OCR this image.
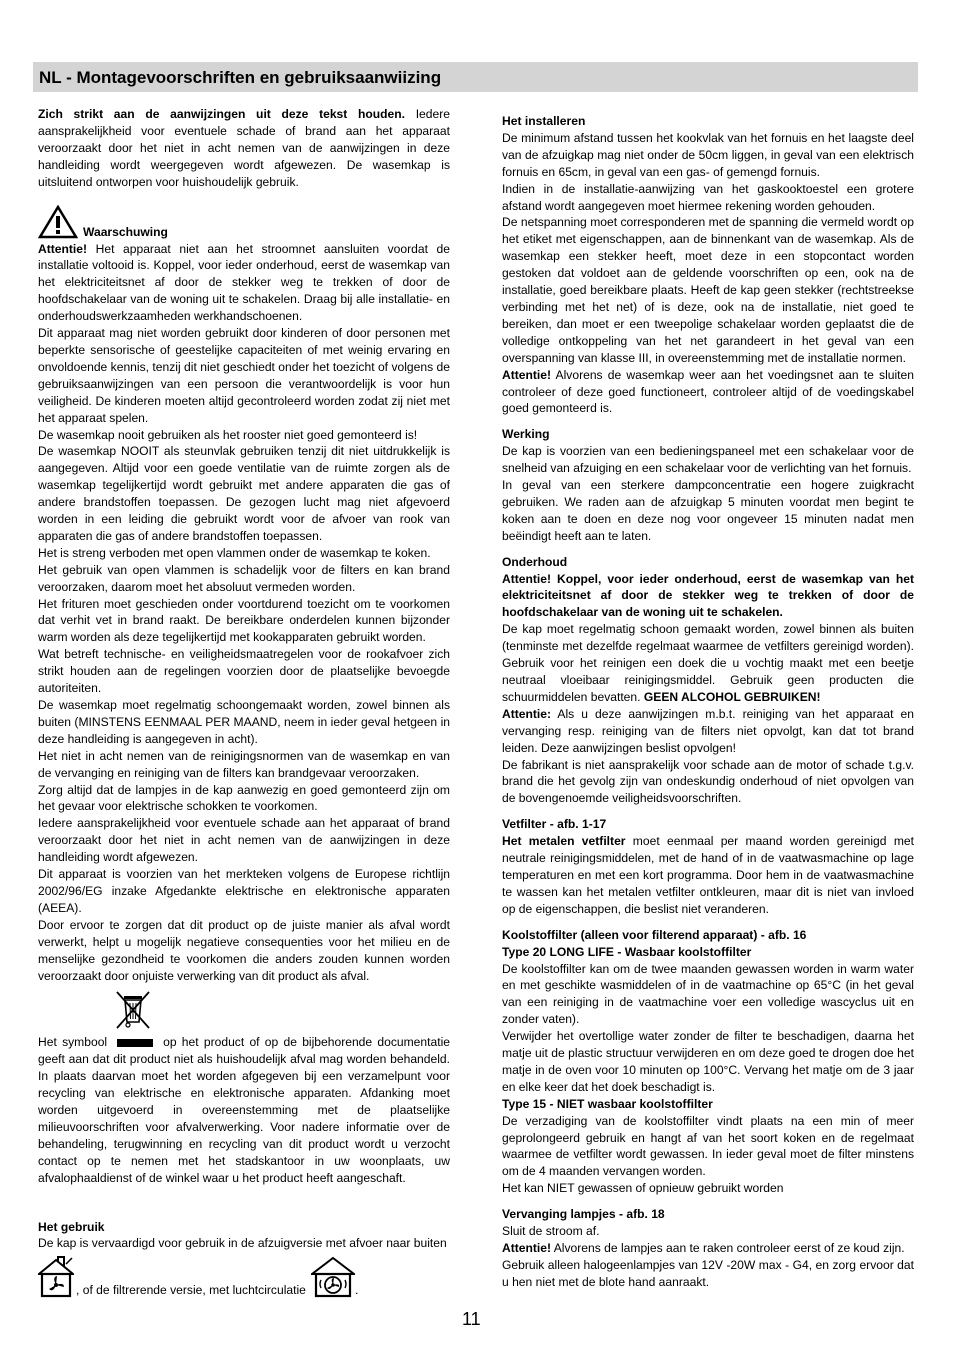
NL - Montagevoorschriften en gebruiksaanwiizing

Zich strikt aan de aanwijzingen uit deze tekst houden. Iedere aansprakelijkheid voor eventuele schade of brand aan het apparaat veroorzaakt door het niet in acht nemen van de aanwijzingen in deze handleiding wordt weergegeven wordt afgewezen. De wasemkap is uitsluitend ontworpen voor huishoudelijk gebruik.

Waarschuwing

Attentie! Het apparaat niet aan het stroomnet aansluiten voordat de installatie voltooid is. Koppel, voor ieder onderhoud, eerst de wasemkap van het elektriciteitsnet af door de stekker weg te trekken of door de hoofdschakelaar van de woning uit te schakelen. Draag bij alle installatie- en onderhoudswerkzaamheden werkhandschoenen.

Dit apparaat mag niet worden gebruikt door kinderen of door personen met beperkte sensorische of geestelijke capaciteiten of met weinig ervaring en onvoldoende kennis, tenzij dit niet geschiedt onder het toezicht of volgens de gebruiksaanwijzingen van een persoon die verantwoordelijk is voor hun veiligheid. De kinderen moeten altijd gecontroleerd worden zodat zij niet met het apparaat spelen.

De wasemkap nooit gebruiken als het rooster niet goed gemonteerd is!

De wasemkap NOOIT als steunvlak gebruiken tenzij dit niet uitdrukkelijk is aangegeven. Altijd voor een goede ventilatie van de ruimte zorgen als de wasemkap tegelijkertijd wordt gebruikt met andere apparaten die gas of andere brandstoffen toepassen. De gezogen lucht mag niet afgevoerd worden in een leiding die gebruikt wordt voor de afvoer van rook van apparaten die gas of andere brandstoffen toepassen.

Het is streng verboden met open vlammen onder de wasemkap te koken.

Het gebruik van open vlammen is schadelijk voor de filters en kan brand veroorzaken, daarom moet het absoluut vermeden worden.

Het frituren moet geschieden onder voortdurend toezicht om te voorkomen dat verhit vet in brand raakt. De bereikbare onderdelen kunnen bijzonder warm worden als deze tegelijkertijd met kookapparaten gebruikt worden.

Wat betreft technische- en veiligheidsmaatregelen voor de rookafvoer zich strikt houden aan de regelingen voorzien door de plaatselijke bevoegde autoriteiten.

De wasemkap moet regelmatig schoongemaakt worden, zowel binnen als buiten (MINSTENS EENMAAL PER MAAND, neem in ieder geval hetgeen in deze handleiding is aangegeven in acht).

Het niet in acht nemen van de reinigingsnormen van de wasemkap en van de vervanging en reiniging van de filters kan brandgevaar veroorzaken.

Zorg altijd dat de lampjes in de kap aanwezig en goed gemonteerd zijn om het gevaar voor elektrische schokken te voorkomen.

Iedere aansprakelijkheid voor eventuele schade aan het apparaat of brand veroorzaakt door het niet in acht nemen van de aanwijzingen in deze handleiding wordt afgewezen.

Dit apparaat is voorzien van het merkteken volgens de Europese richtlijn 2002/96/EG inzake Afgedankte elektrische en elektronische apparaten (AEEA).

Door ervoor te zorgen dat dit product op de juiste manier als afval wordt verwerkt, helpt u mogelijk negatieve consequenties voor het milieu en de menselijke gezondheid te voorkomen die anders zouden kunnen worden veroorzaakt door onjuiste verwerking van dit product als afval.

Het symbool	op het product of op de bijbehorende documentatie geeft aan dat dit product niet als huishoudelijk afval mag worden behandeld. In plaats daarvan moet het worden afgegeven bij een verzamelpunt voor recycling van elektrische en elektronische apparaten. Afdanking moet worden uitgevoerd in overeenstemming met de plaatselijke milieuvoorschriften voor afvalverwerking. Voor nadere informatie over de behandeling, terugwinning en recycling van dit product wordt u verzocht contact op te nemen met het stadskantoor in uw woonplaats, uw afvalophaaldienst of de winkel waar u het product heeft aangeschaft.

Het gebruik

De kap is vervaardigd voor gebruik in de afzuigversie met afvoer naar buiten

, of de filtrerende versie, met luchtcirculatie	.

Het installeren

De minimum afstand tussen het kookvlak van het fornuis en het laagste deel van de afzuigkap mag niet onder de 50cm liggen, in geval van een elektrisch fornuis en 65cm, in geval van een gas- of gemengd fornuis.

Indien in de installatie-aanwijzing van het gaskooktoestel een grotere afstand wordt aangegeven moet hiermee rekening worden gehouden.

De netspanning moet corresponderen met de spanning die vermeld wordt op het etiket met eigenschappen, aan de binnenkant van de wasemkap. Als de wasemkap een stekker heeft, moet deze in een stopcontact worden gestoken dat voldoet aan de geldende voorschriften op een, ook na de installatie, goed bereikbare plaats. Heeft de kap geen stekker (rechtstreekse verbinding met het net) of is deze, ook na de installatie, niet goed te bereiken, dan moet er een tweepolige schakelaar worden geplaatst die de volledige ontkoppeling van het net garandeert in het geval van een overspanning van klasse III, in overeenstemming met de installatie normen.

Attentie! Alvorens de wasemkap weer aan het voedingsnet aan te sluiten controleer of deze goed functioneert, controleer altijd of de voedingskabel goed gemonteerd is.

Werking

De kap is voorzien van een bedieningspaneel met een schakelaar voor de snelheid van afzuiging en een schakelaar voor de verlichting van het fornuis.

In geval van een sterkere dampconcentratie een hogere zuigkracht gebruiken. We raden aan de afzuigkap 5 minuten voordat men begint te koken aan te doen en deze nog voor ongeveer 15 minuten nadat men beëindigt heeft aan te laten.

Onderhoud

Attentie! Koppel, voor ieder onderhoud, eerst de wasemkap van het elektriciteitsnet af door de stekker weg te trekken of door de hoofdschakelaar van de woning uit te schakelen.

De kap moet regelmatig schoon gemaakt worden, zowel binnen als buiten (tenminste met dezelfde regelmaat waarmee de vetfilters gereinigd worden). Gebruik voor het reinigen een doek die u vochtig maakt met een beetje neutraal vloeibaar reinigingsmiddel. Gebruik geen producten die schuurmiddelen bevatten. GEEN ALCOHOL GEBRUIKEN!

Attentie: Als u deze aanwijzingen m.b.t. reiniging van het apparaat en vervanging resp. reiniging van de filters niet opvolgt, kan dat tot brand leiden. Deze aanwijzingen beslist opvolgen!

De fabrikant is niet aansprakelijk voor schade aan de motor of schade t.g.v. brand die het gevolg zijn van ondeskundig onderhoud of niet opvolgen van de bovengenoemde veiligheidsvoorschriften.

Vetfilter - afb. 1-17

Het metalen vetfilter moet eenmaal per maand worden gereinigd met neutrale reinigingsmiddelen, met de hand of in de vaatwasmachine op lage temperaturen en met een kort programma. Door hem in de vaatwasmachine te wassen kan het metalen vetfilter ontkleuren, maar dit is niet van invloed op de eigenschappen, die beslist niet veranderen.

Koolstoffilter (alleen voor filterend apparaat) - afb. 16

Type 20 LONG LIFE - Wasbaar koolstoffilter

De koolstoffilter kan om de twee maanden gewassen worden in warm water en met geschikte wasmiddelen of in de vaatmachine op 65°C (in het geval van een reiniging in de vaatmachine voer een volledige wascyclus uit en zonder vaten).

Verwijder het overtollige water zonder de filter te beschadigen, daarna het matje uit de plastic structuur verwijderen en om deze goed te drogen doe het matje in de oven voor 10 minuten op 100°C. Vervang het matje om de 3 jaar en elke keer dat het doek beschadigt is.

Type 15 - NIET wasbaar koolstoffilter

De verzadiging van de koolstoffilter vindt plaats na een min of meer geprolongeerd gebruik en hangt af van het soort koken en de regelmaat waarmee de vetfilter wordt gewassen. In ieder geval moet de filter minstens om de 4 maanden vervangen worden.

Het kan NIET gewassen of opnieuw gebruikt worden

Vervanging lampjes - afb. 18

Sluit de stroom af.

Attentie! Alvorens de lampjes aan te raken controleer eerst of ze koud zijn.

Gebruik alleen halogeenlampjes van 12V -20W max - G4, en zorg ervoor dat u hen niet met de blote hand aanraakt.

11
